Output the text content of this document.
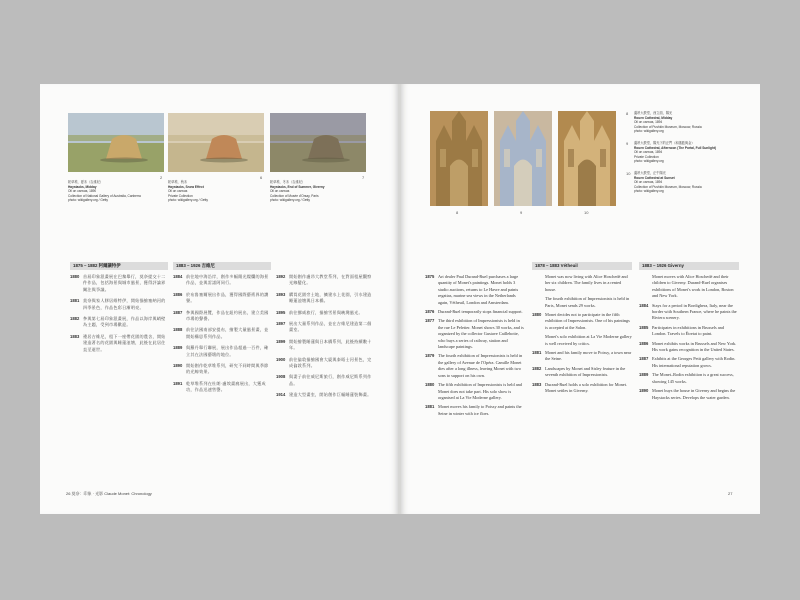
2
乾草堆，夏末（吉維尼）
Haystacks, Midday
Oil on canvas, 1890
Collection of National Gallery of Australia, Canberra
photo: wikigallery.org / Getty
6
乾草堆，秋末
Haystacks, Snow Effect
Oil on canvas
Private Collection
photo: wikigallery.org / Getty
7
乾草堆，冬末（吉維尼）
Haystacks, End of Summer, Giverny
Oil on canvas
Collection of Musée d'Orsay, Paris
photo: wikigallery.org / Getty
8	9	10
8 盧昂大教堂，西立面，陽光
Rouen Cathedral, Midday
Oil on canvas, 1894
Collection of Pushkin Museum, Moscow, Russia
photo: wikigallery.org
9 盧昂大教堂，陽光下的正門（和諧藍與金）
Rouen Cathedral, Afternoon (The Portal, Full Sunlight)
Oil on canvas, 1894
Private Collection
photo: wikigallery.org
10 盧昂大教堂，正午陽光
Rouen Cathedral at Sunset
Oil on canvas, 1894
Collection of Pushkin Museum, Moscow, Russia
photo: wikigallery.org
1875 – 1882 阿爾讓特伊
1880 首屆印象派畫展在巴黎舉行，莫奈提交十二件作品，包括海景與城市風景，獲得評論界關注與爭議。
1881 莫奈與家人移居維特伊，開始描繪塞納河的四季景色，作品色彩日漸明亮。
1882 參與第七屆印象派畫展，作品以海岸與峭壁為主題，受到市場歡迎。
1883 遷居吉維尼，租下一座帶花園的農舍，開始建造著名的花園與睡蓮池塘，此後在此居住直至逝世。
1883 – 1926 吉維尼
1884 前往地中海沿岸，創作多幅陽光燦爛的海景作品，並與雷諾阿同行。
1886 於布魯塞爾展出作品，獲得國際藝術界的讚譽。
1887 參與國際展覽，作品在紐約展出，建立美國市場的聲譽。
1888 前往法國南部安提布，繪製大量風景畫，並開始構思系列作品。
1889 與羅丹舉行聯展，展出作品超過一百件，確立其在法國藝壇的地位。
1890 開始創作乾草堆系列，研究不同時間與季節的光線效果。
1891 乾草堆系列在杜朗·盧埃畫廊展出，大獲成功，作品迅速售罄。
1892 開始創作盧昂大教堂系列，在對面租屋觀察光線變化。
1893 購買花園旁土地，擴建水上花園，引水建造睡蓮池塘與日本橋。
1895 前往挪威旅行，描繪雪景與峽灣風光。
1897 展出大量系列作品，並在吉維尼建造第二個畫室。
1899 開始繪製睡蓮與日本橋系列，此後持續數十年。
1900 前往倫敦描繪國會大廈與泰晤士河景色，完成倫敦系列。
1908 與妻子前往威尼斯旅行，創作威尼斯系列作品。
1914 建造大型畫室，開始創作巨幅睡蓮裝飾畫。
1875 Art dealer Paul Durand-Ruel purchases a large quantity of Monet's paintings. Monet holds 3 studio auctions, returns to Le Havre and paints regattas, marine sea views in the Netherlands again, Vétheuil, London and Amsterdam.
1876 Durand-Ruel temporarily stops financial support.
1877 The third exhibition of Impressionists is held in the rue Le Peletier. Monet shows 30 works, and is organized by the collector Gustave Caillebotte, who buys a series of railway, station and landscape paintings.
1879 The fourth exhibition of Impressionists is held in the gallery of Avenue de l'Opéra. Camille Monet dies after a long illness, leaving Monet with two sons to support on his own.
1880 The fifth exhibition of Impressionists is held and Monet does not take part. His solo show is organised at La Vie Moderne gallery.
1881 Monet moves his family to Poissy and paints the Seine in winter with ice floes.
1878 – 1883 Vétheuil
Monet was now living with Alice Hoschedé and her six children. The family lives in a rented house.
The fourth exhibition of Impressionists is held in Paris, Monet sends 29 works.
1880 Monet decides not to participate in the fifth exhibition of Impressionists. One of his paintings is accepted at the Salon.
Monet's solo exhibition at La Vie Moderne gallery is well received by critics.
1881 Monet and his family move to Poissy, a town near the Seine.
1882 Landscapes by Monet and Sisley feature in the seventh exhibition of Impressionists.
1883 Durand-Ruel holds a solo exhibition for Monet. Monet settles in Giverny.
1883 – 1926 Giverny
Monet moves with Alice Hoschedé and their children to Giverny. Durand-Ruel organises exhibitions of Monet's work in London, Boston and New York.
1884 Stays for a period in Bordighera, Italy, near the border with Southern France, where he paints the Riviera scenery.
1885 Participates in exhibitions in Brussels and London. Travels to Étretat to paint.
1886 Monet exhibits works in Brussels and New York. His work gains recognition in the United States.
1887 Exhibits at the Georges Petit gallery with Rodin. His international reputation grows.
1889 The Monet–Rodin exhibition is a great success, showing 145 works.
1890 Monet buys the house in Giverny and begins the Haystacks series. Develops the water garden.
26 莫奈：印象 · 光影 Claude Monet: Chronology	27
